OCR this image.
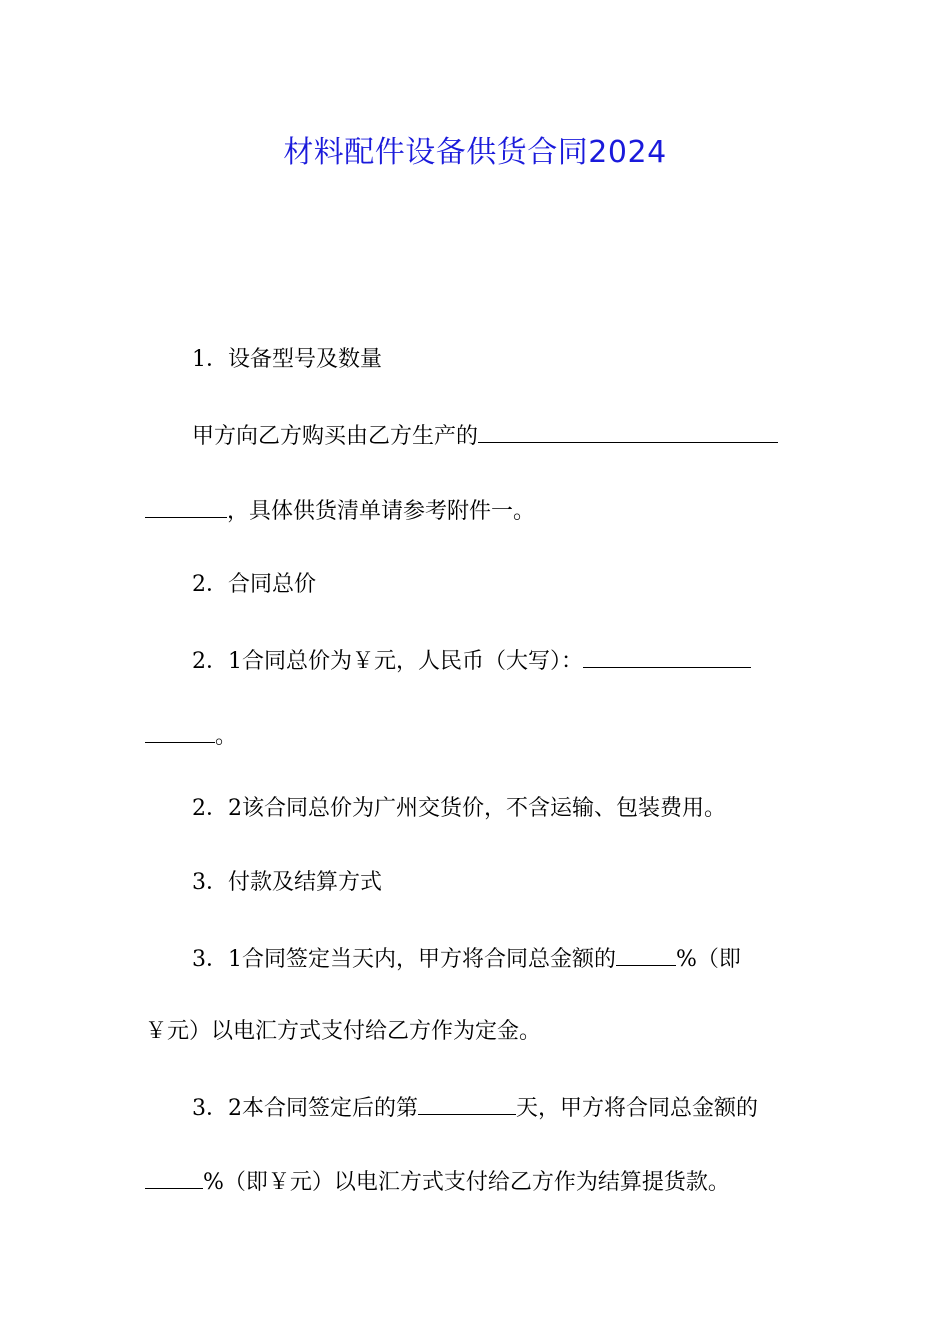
材料配件设备供货合同2024
1．设备型号及数量
甲方向乙方购买由乙方生产的
，具体供货清单请参考附件一。
2．合同总价
2．1合同总价为￥元，人民币（大写）：
。
2．2该合同总价为广州交货价，不含运输、包装费用。
3．付款及结算方式
3．1合同签定当天内，甲方将合同总金额的	%（即
￥元）以电汇方式支付给乙方作为定金。
3．2本合同签定后的第	天，甲方将合同总金额的
%（即￥元）以电汇方式支付给乙方作为结算提货款。
